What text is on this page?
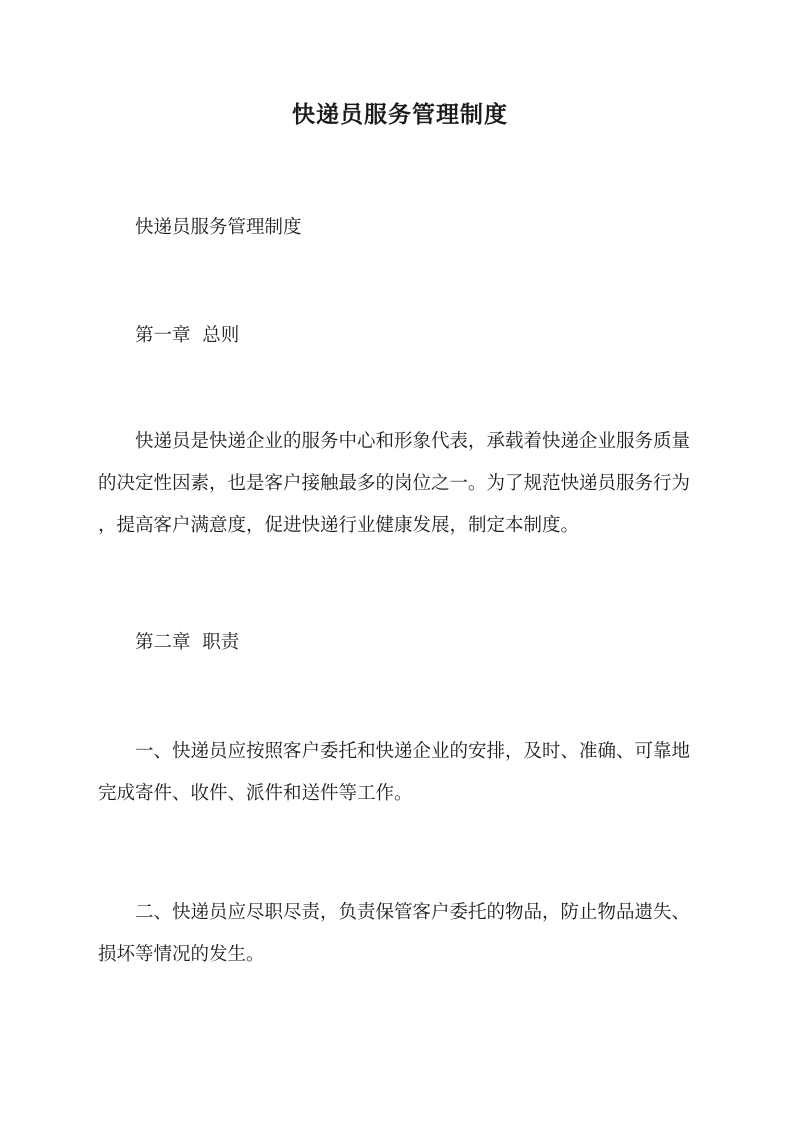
快递员服务管理制度

快递员服务管理制度

第一章  总则

快递员是快递企业的服务中心和形象代表，承载着快递企业服务质量
的决定性因素，也是客户接触最多的岗位之一。为了规范快递员服务行为
，提高客户满意度，促进快递行业健康发展，制定本制度。

第二章  职责

一、快递员应按照客户委托和快递企业的安排，及时、准确、可靠地
完成寄件、收件、派件和送件等工作。

二、快递员应尽职尽责，负责保管客户委托的物品，防止物品遗失、
损坏等情况的发生。
